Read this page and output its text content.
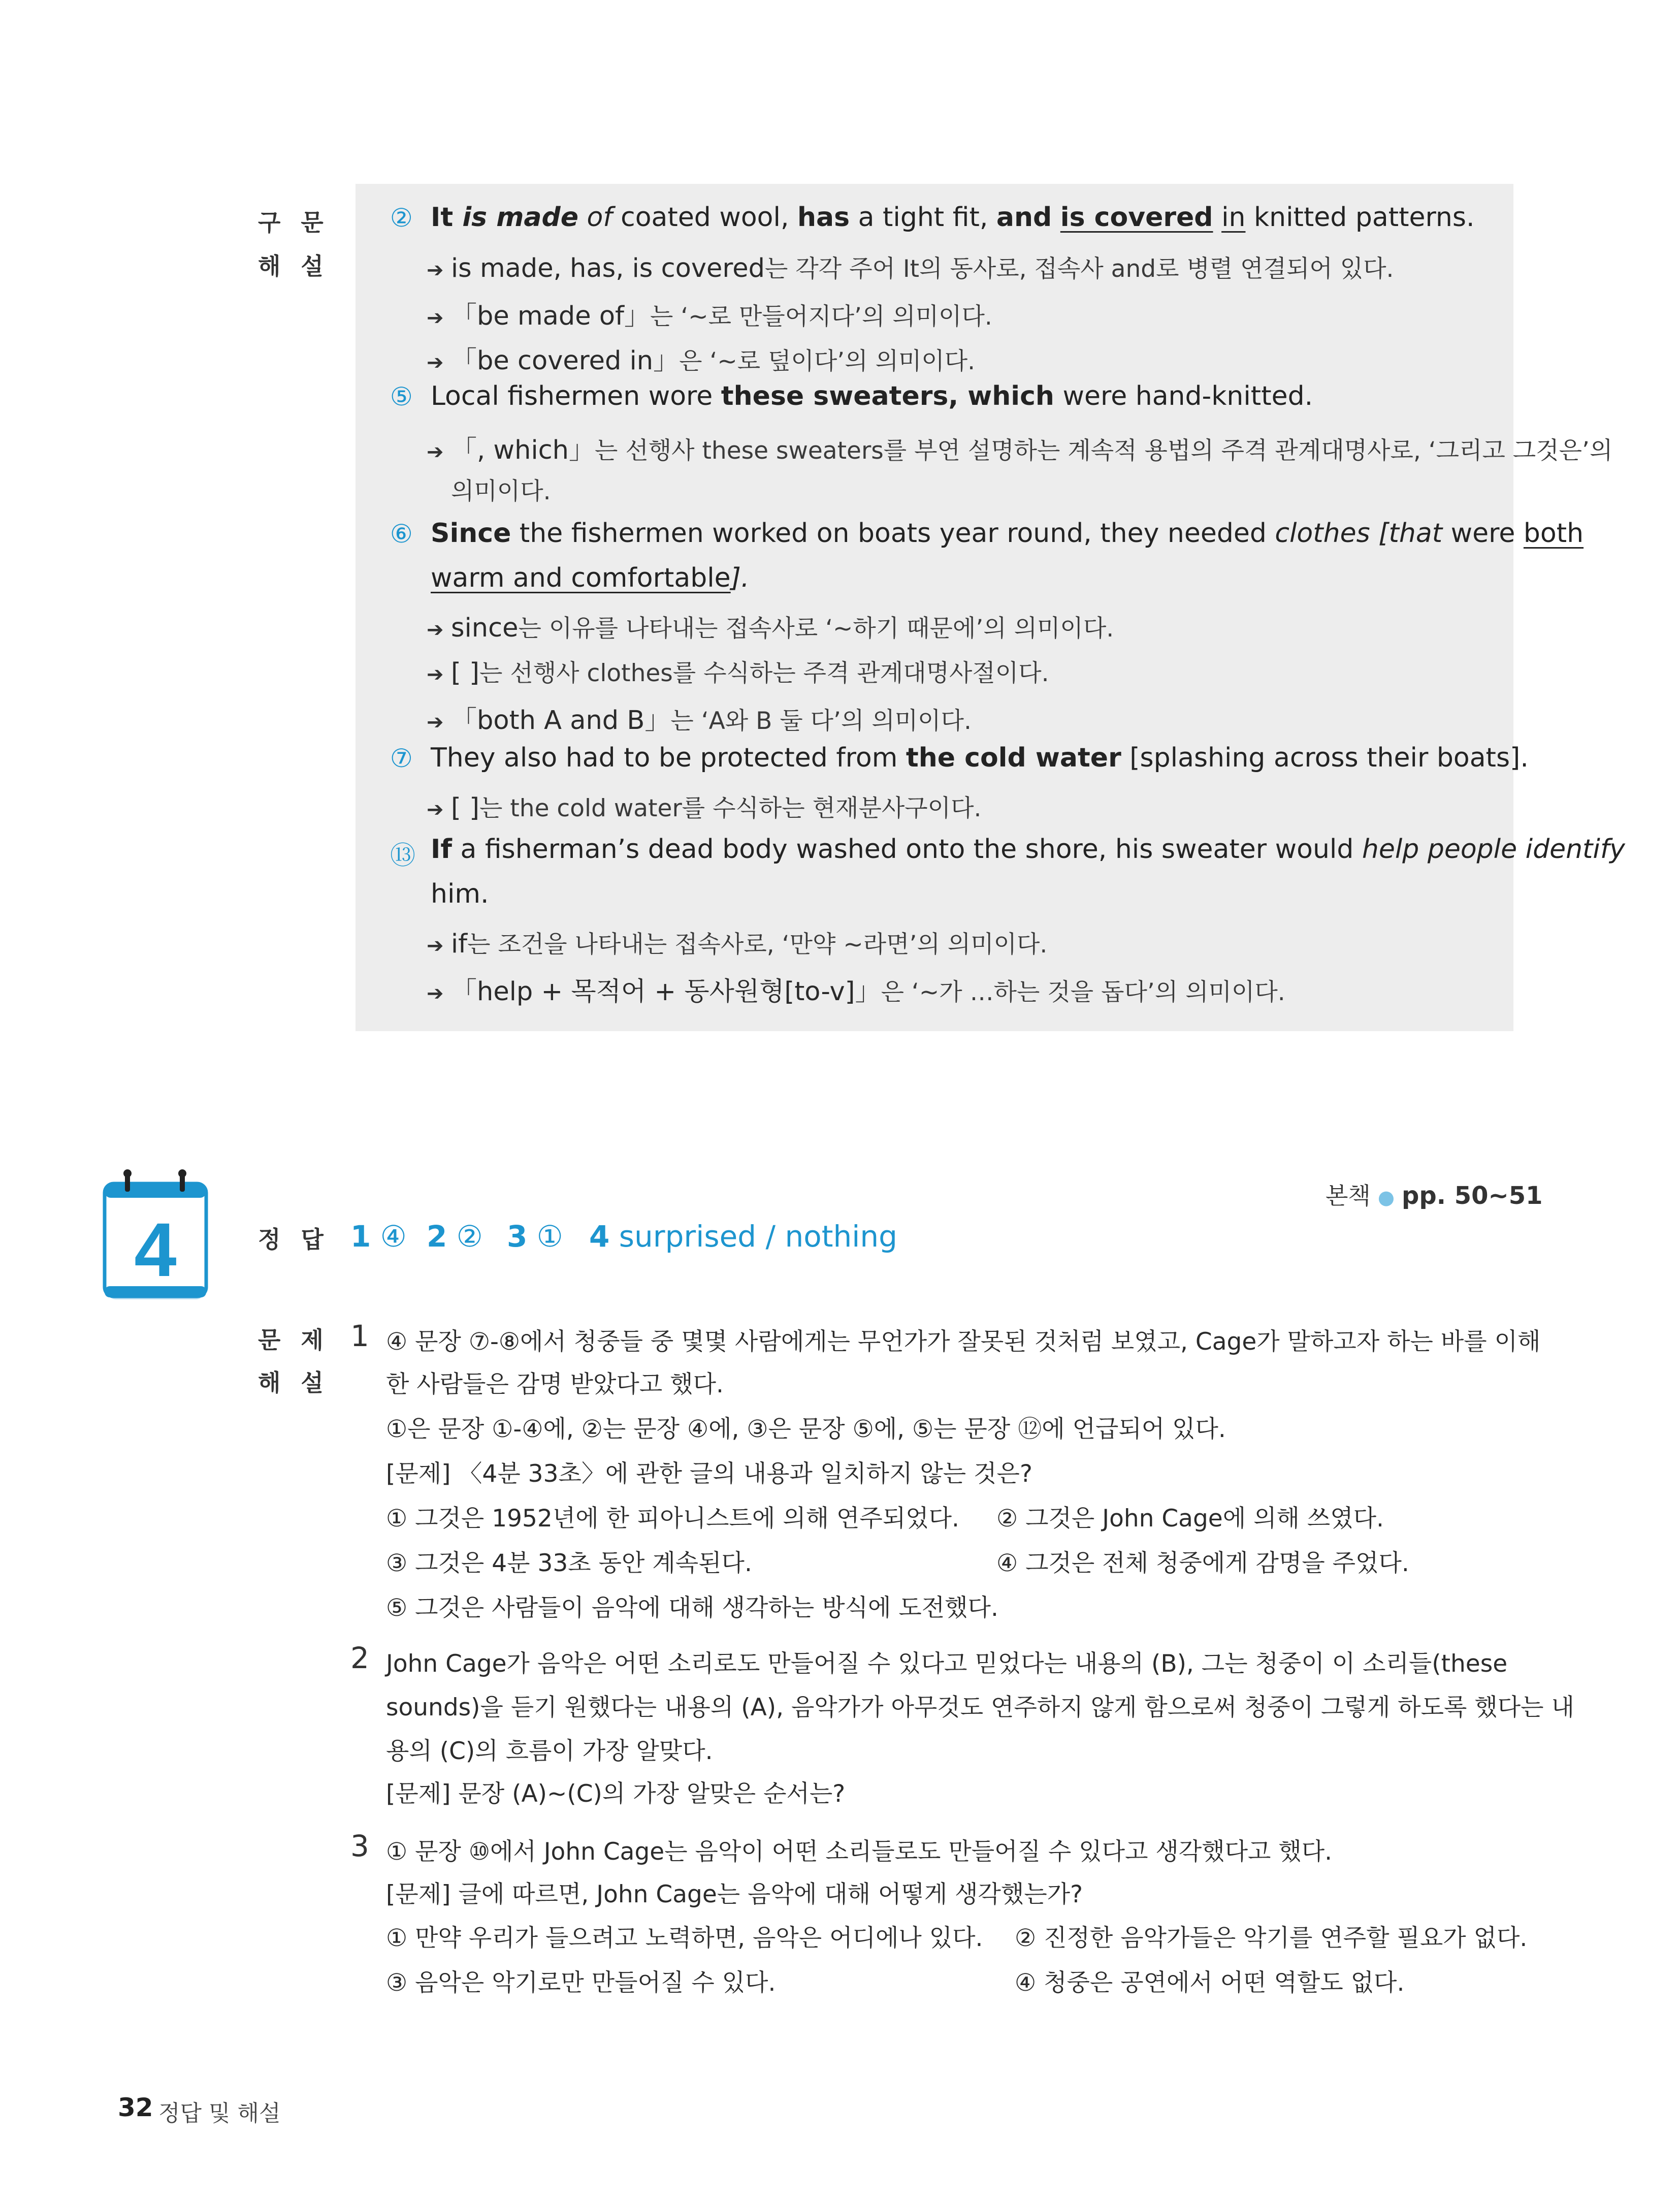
구문
해설
② It is made of coated wool, has a tight fit, and is covered in knitted patterns.
➔ is made, has, is covered는 각각 주어 It의 동사로, 접속사 and로 병렬 연결되어 있다.
➔ 「be made of」는 ‘~로 만들어지다’의 의미이다.
➔ 「be covered in」은 ‘~로 덮이다’의 의미이다.
⑤ Local fishermen wore these sweaters, which were hand-knitted.
➔ 「, which」는 선행사 these sweaters를 부연 설명하는 계속적 용법의 주격 관계대명사로, ‘그리고 그것은’의
의미이다.
⑥ Since the fishermen worked on boats year round, they needed clothes [that were both
warm and comfortable].
➔ since는 이유를 나타내는 접속사로 ‘~하기 때문에’의 의미이다.
➔ [ ]는 선행사 clothes를 수식하는 주격 관계대명사절이다.
➔ 「both A and B」는 ‘A와 B 둘 다’의 의미이다.
⑦ They also had to be protected from the cold water [splashing across their boats].
➔ [ ]는 the cold water를 수식하는 현재분사구이다.
⑬ If a fisherman’s dead body washed onto the shore, his sweater would help people identify
him.
➔ if는 조건을 나타내는 접속사로, ‘만약 ~라면’의 의미이다.
➔ 「help + 목적어 + 동사원형[to-v]」은 ‘~가 …하는 것을 돕다’의 의미이다.
4
본책 ● pp. 50~51
정답 1 ④ 2 ② 3 ① 4 surprised / nothing
문제
해설
1 ④ 문장 ⑦-⑧에서 청중들 중 몇몇 사람에게는 무언가가 잘못된 것처럼 보였고, Cage가 말하고자 하는 바를 이해
한 사람들은 감명 받았다고 했다.
①은 문장 ①-④에, ②는 문장 ④에, ③은 문장 ⑤에, ⑤는 문장 ⑫에 언급되어 있다.
[문제] 〈4분 33초〉에 관한 글의 내용과 일치하지 않는 것은?
① 그것은 1952년에 한 피아니스트에 의해 연주되었다. ② 그것은 John Cage에 의해 쓰였다.
③ 그것은 4분 33초 동안 계속된다.	④ 그것은 전체 청중에게 감명을 주었다.
⑤ 그것은 사람들이 음악에 대해 생각하는 방식에 도전했다.
2 John Cage가 음악은 어떤 소리로도 만들어질 수 있다고 믿었다는 내용의 (B), 그는 청중이 이 소리들(these
sounds)을 듣기 원했다는 내용의 (A), 음악가가 아무것도 연주하지 않게 함으로써 청중이 그렇게 하도록 했다는 내
용의 (C)의 흐름이 가장 알맞다.
[문제] 문장 (A)~(C)의 가장 알맞은 순서는?
3 ① 문장 ⑩에서 John Cage는 음악이 어떤 소리들로도 만들어질 수 있다고 생각했다고 했다.
[문제] 글에 따르면, John Cage는 음악에 대해 어떻게 생각했는가?
① 만약 우리가 들으려고 노력하면, 음악은 어디에나 있다. ② 진정한 음악가들은 악기를 연주할 필요가 없다.
③ 음악은 악기로만 만들어질 수 있다.	④ 청중은 공연에서 어떤 역할도 없다.
32 정답 및 해설
